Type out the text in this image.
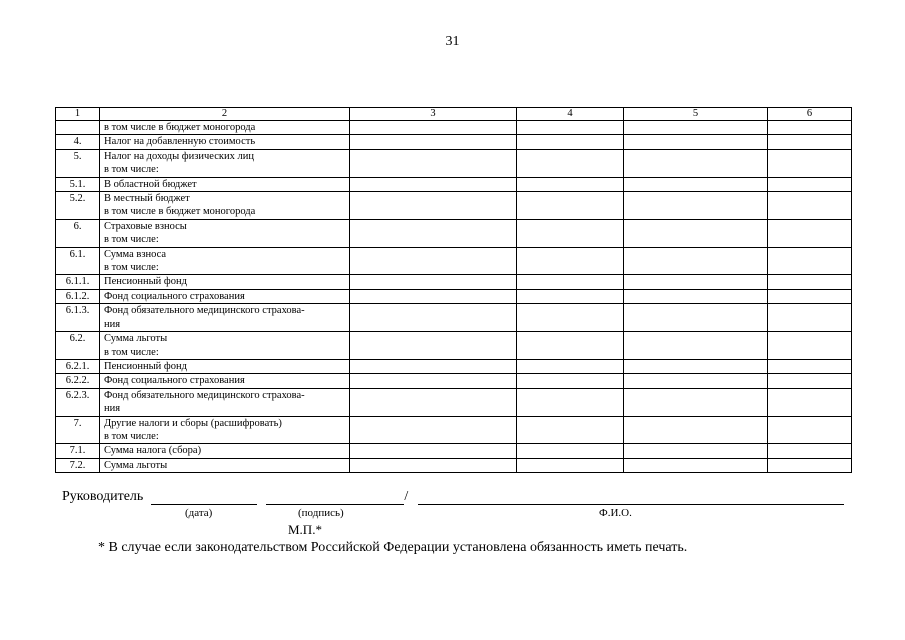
31
1	2	3	4	5	6

	в том числе в бюджет моногорода				

4.	Налог на добавленную стоимость				

5.	Налог на доходы физических лиц
в том числе:				

5.1.	В областной бюджет				

5.2.	В местный бюджет
в том числе в бюджет моногорода				

6.	Страховые взносы
в том числе:				

6.1.	Сумма взноса
в том числе:				

6.1.1.	Пенсионный фонд				

6.1.2.	Фонд социального страхования				

6.1.3.	Фонд обязательного медицинского страхова-
ния				

6.2.	Сумма льготы
в том числе:				

6.2.1.	Пенсионный фонд				

6.2.2.	Фонд социального страхования				

6.2.3.	Фонд обязательного медицинского страхова-
ния				

7.	Другие налоги и сборы (расшифровать)
в том числе:				

7.1.	Сумма налога (сбора)				

7.2.	Сумма льготы				

Руководитель	/
(дата)	(подпись)	Ф.И.О.
М.П.*
* В случае если законодательством Российской Федерации установлена обязанность иметь печать.
